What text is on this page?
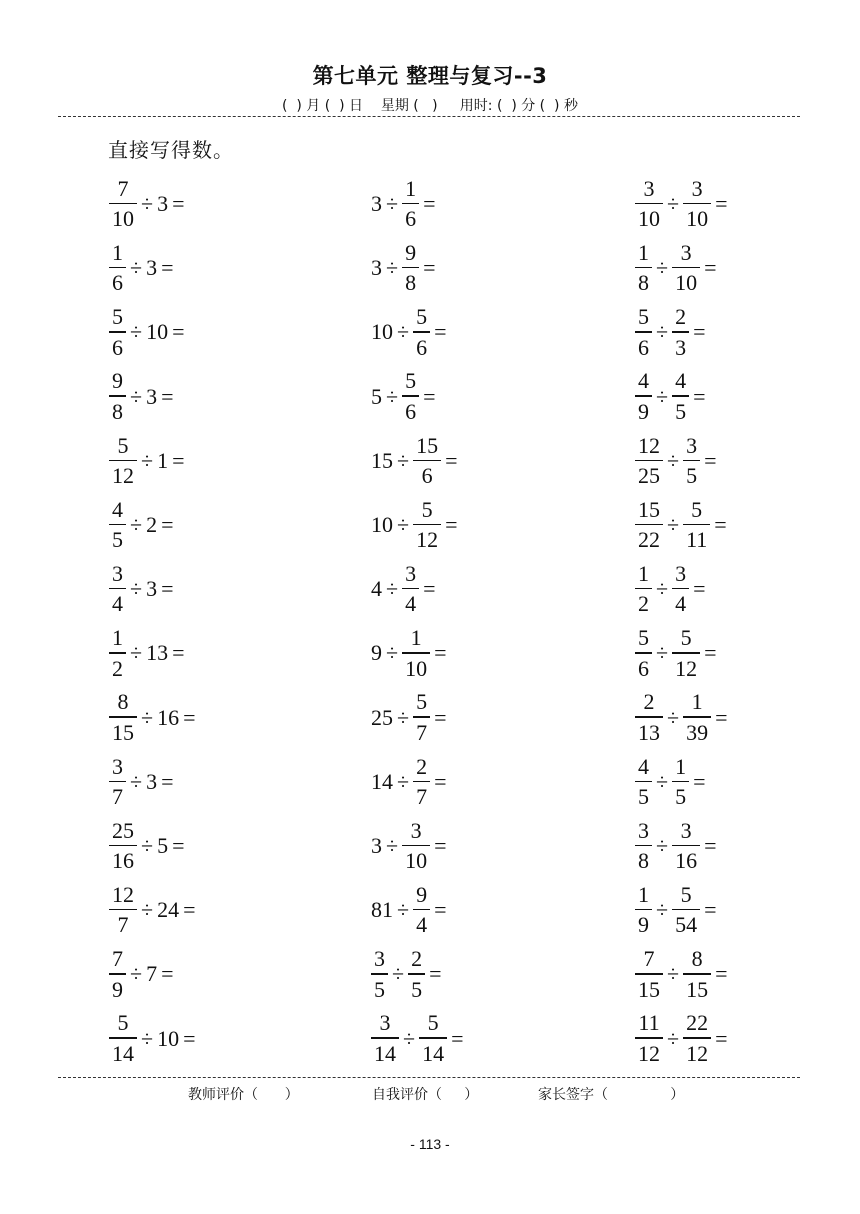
第七单元 整理与复习--3
(  ) 月 (  ) 日    星期 (   )     用时: (  ) 分 (  ) 秒
直接写得数。
$\frac{7}{10} \div 3$ =	$3 \div \frac{1}{6}$ =	$\frac{3}{10} \div \frac{3}{10}$ =
$\frac{1}{6} \div 3$ =	$3 \div \frac{9}{8}$ =	$\frac{1}{8} \div \frac{3}{10}$ =
$\frac{5}{6} \div 10$ =	$10 \div \frac{5}{6}$ =	$\frac{5}{6} \div \frac{2}{3}$ =
$\frac{9}{8} \div 3$ =	$5 \div \frac{5}{6}$ =	$\frac{4}{9} \div \frac{4}{5}$ =
$\frac{5}{12} \div 1$ =	$15 \div \frac{15}{6}$ =	$\frac{12}{25} \div \frac{3}{5}$ =
$\frac{4}{5} \div 2$ =	$10 \div \frac{5}{12}$ =	$\frac{15}{22} \div \frac{5}{11}$ =
$\frac{3}{4} \div 3$ =	$4 \div \frac{3}{4}$ =	$\frac{1}{2} \div \frac{3}{4}$ =
$\frac{1}{2} \div 13$ =	$9 \div \frac{1}{10}$ =	$\frac{5}{6} \div \frac{5}{12}$ =
$\frac{8}{15} \div 16$ =	$25 \div \frac{5}{7}$ =	$\frac{2}{13} \div \frac{1}{39}$ =
$\frac{3}{7} \div 3$ =	$14 \div \frac{2}{7}$ =	$\frac{4}{5} \div \frac{1}{5}$ =
$\frac{25}{16} \div 5$ =	$3 \div \frac{3}{10}$ =	$\frac{3}{8} \div \frac{3}{16}$ =
$\frac{12}{7} \div 24$ =	$81 \div \frac{9}{4}$ =	$\frac{1}{9} \div \frac{5}{54}$ =
$\frac{7}{9} \div 7$ =	$\frac{3}{5} \div \frac{2}{5}$ =	$\frac{7}{15} \div \frac{8}{15}$ =
$\frac{5}{14} \div 10$ =	$\frac{3}{14} \div \frac{5}{14}$ =	$\frac{11}{12} \div \frac{22}{12}$ =
教师评价（      ）	自我评价（     ）	家长签字（              ）
- 113 -
